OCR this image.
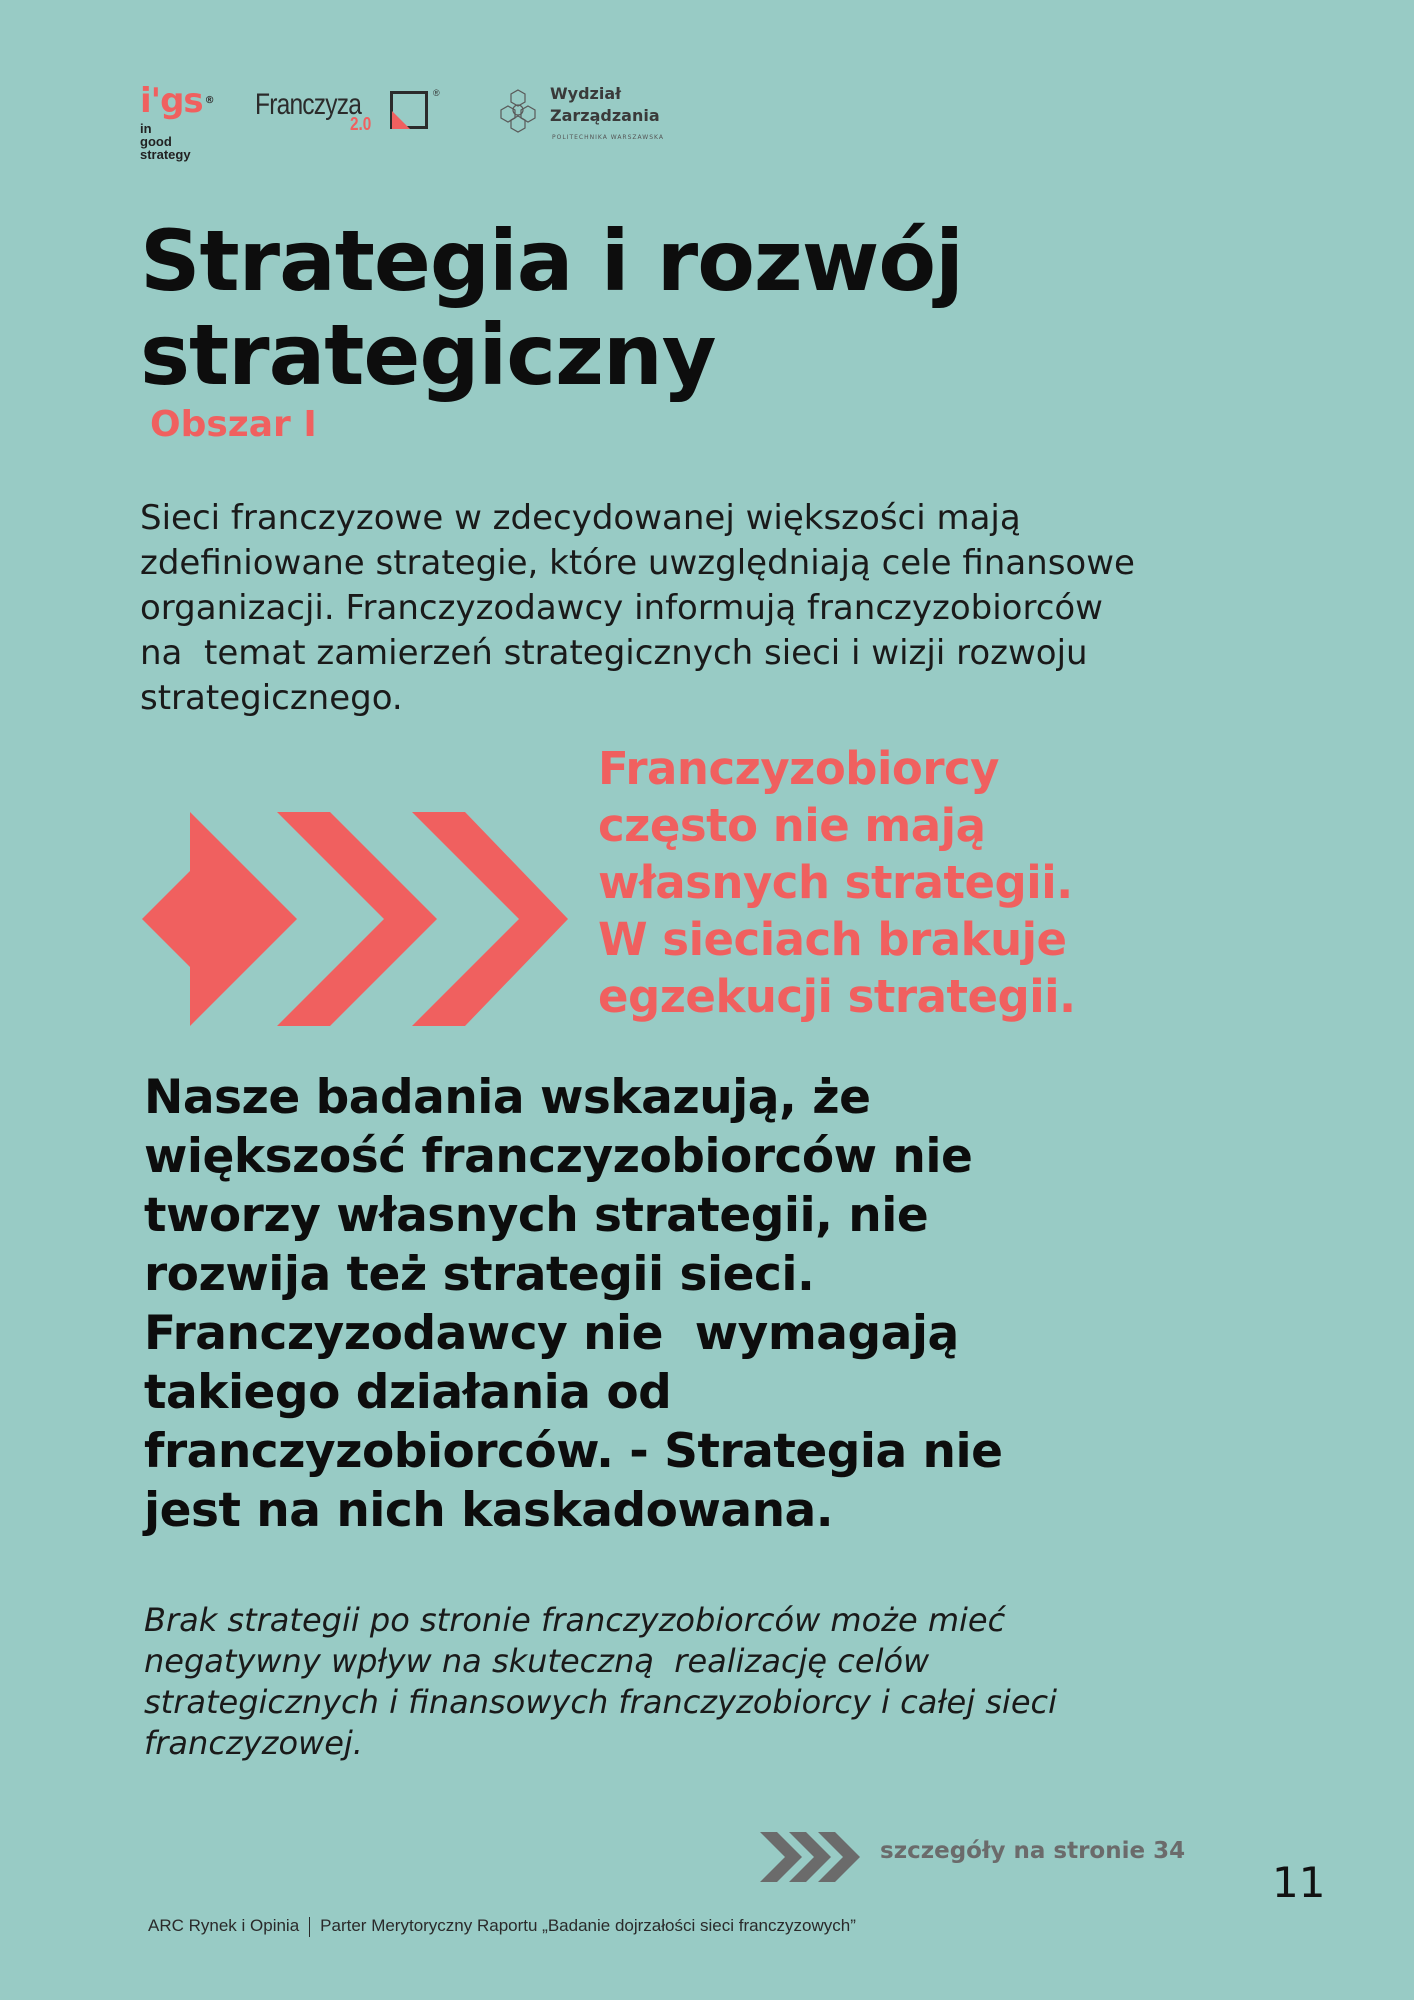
i'gs ®
in
good
strategy
Franczyza
2.0
®	Wydział
Zarządzania
POLITECHNIKA WARSZAWSKA
Strategia i rozwój
strategiczny
Obszar I
Sieci franczyzowe w zdecydowanej większości mają
zdefiniowane strategie, które uwzględniają cele finansowe
organizacji. Franczyzodawcy informują franczyzobiorców
na  temat zamierzeń strategicznych sieci i wizji rozwoju
strategicznego.
Franczyzobiorcy
często nie mają
własnych strategii.
W sieciach brakuje
egzekucji strategii.
Nasze badania wskazują, że
większość franczyzobiorców nie
tworzy własnych strategii, nie
rozwija też strategii sieci.
Franczyzodawcy nie  wymagają
takiego działania od
franczyzobiorców. - Strategia nie
jest na nich kaskadowana.
Brak strategii po stronie franczyzobiorców może mieć
negatywny wpływ na skuteczną  realizację celów
strategicznych i finansowych franczyzobiorcy i całej sieci
franczyzowej.
szczegóły na stronie 34
11
ARC Rynek i Opinia Parter Merytoryczny Raportu „Badanie dojrzałości sieci franczyzowych”
